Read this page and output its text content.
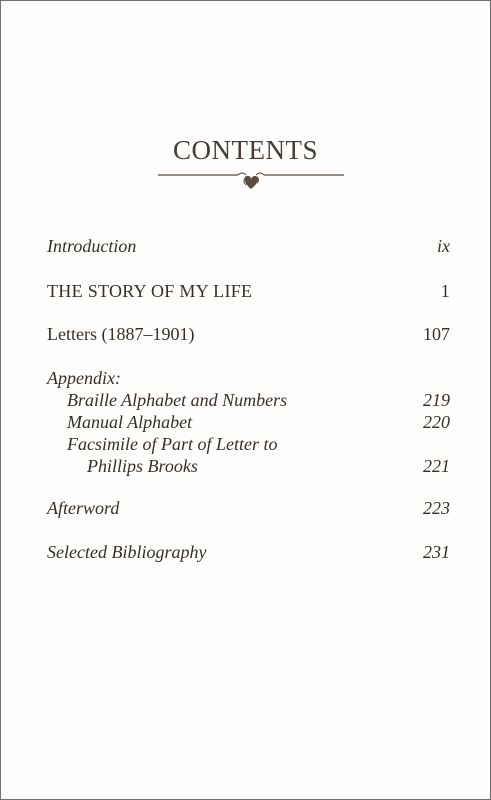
CONTENTS
Introduction	ix
THE STORY OF MY LIFE	1
Letters (1887–1901)	107
Appendix:
Braille Alphabet and Numbers	219
Manual Alphabet	220
Facsimile of Part of Letter to
Phillips Brooks	221
Afterword	223
Selected Bibliography	231
